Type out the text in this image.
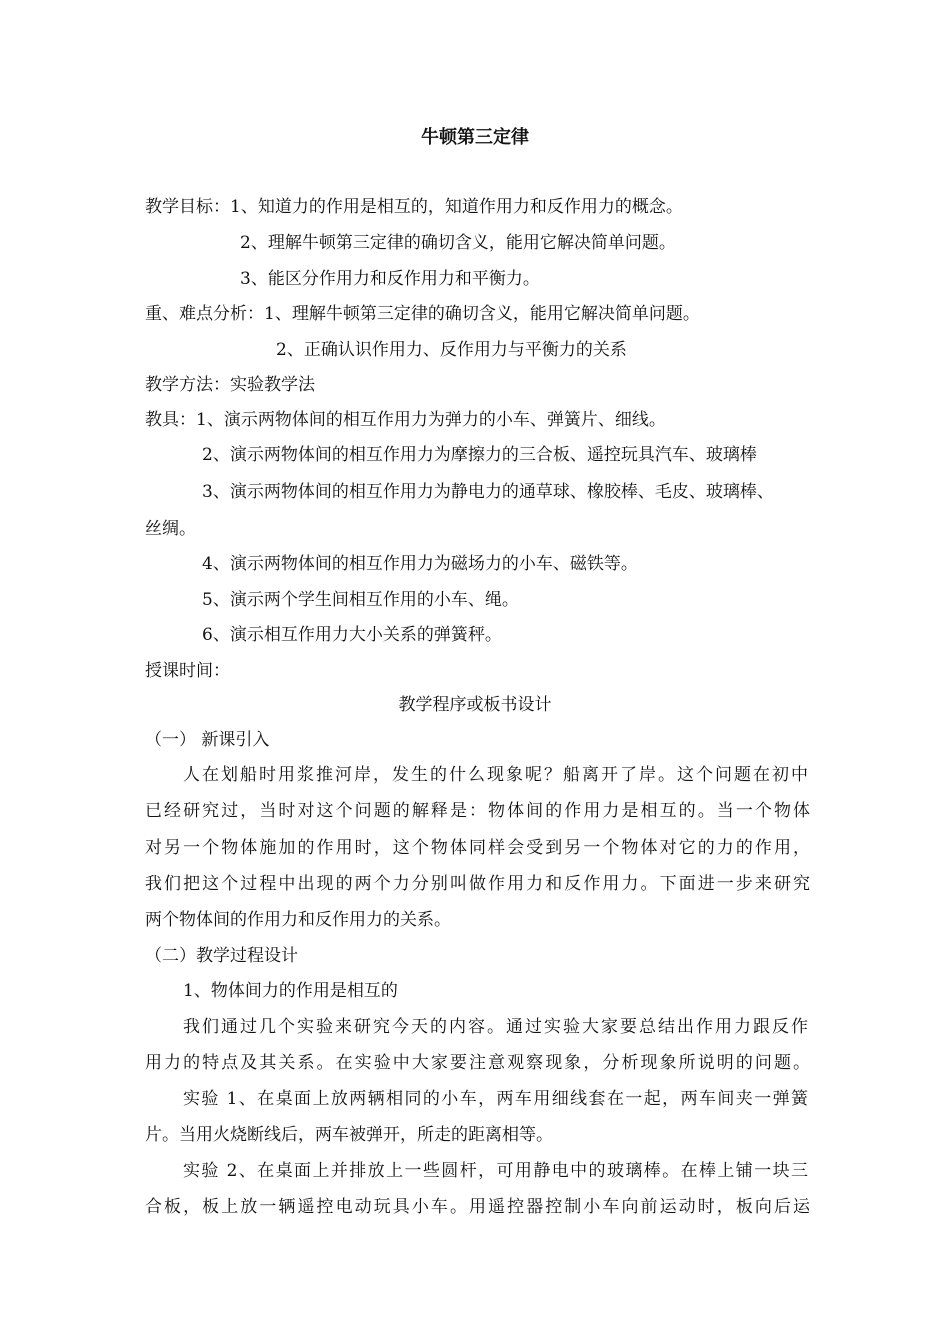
牛顿第三定律
教学目标：1、知道力的作用是相互的，知道作用力和反作用力的概念。
2、理解牛顿第三定律的确切含义，能用它解决简单问题。
3、能区分作用力和反作用力和平衡力。
重、难点分析：1、理解牛顿第三定律的确切含义，能用它解决简单问题。
2、正确认识作用力、反作用力与平衡力的关系
教学方法：实验教学法
教具：1、演示两物体间的相互作用力为弹力的小车、弹簧片、细线。
2、演示两物体间的相互作用力为摩擦力的三合板、遥控玩具汽车、玻璃棒
3、演示两物体间的相互作用力为静电力的通草球、橡胶棒、毛皮、玻璃棒、
丝绸。
4、演示两物体间的相互作用力为磁场力的小车、磁铁等。
5、演示两个学生间相互作用的小车、绳。
6、演示相互作用力大小关系的弹簧秤。
授课时间：
教学程序或板书设计
（一） 新课引入
人在划船时用浆推河岸，发生的什么现象呢？船离开了岸。这个问题在初中
已经研究过，当时对这个问题的解释是：物体间的作用力是相互的。当一个物体
对另一个物体施加的作用时，这个物体同样会受到另一个物体对它的力的作用，
我们把这个过程中出现的两个力分别叫做作用力和反作用力。下面进一步来研究
两个物体间的作用力和反作用力的关系。
（二）教学过程设计
1、物体间力的作用是相互的
我们通过几个实验来研究今天的内容。通过实验大家要总结出作用力跟反作
用力的特点及其关系。在实验中大家要注意观察现象，分析现象所说明的问题。
实验 1、在桌面上放两辆相同的小车，两车用细线套在一起，两车间夹一弹簧
片。当用火烧断线后，两车被弹开，所走的距离相等。
实验 2、在桌面上并排放上一些圆杆，可用静电中的玻璃棒。在棒上铺一块三
合板，板上放一辆遥控电动玩具小车。用遥控器控制小车向前运动时，板向后运
